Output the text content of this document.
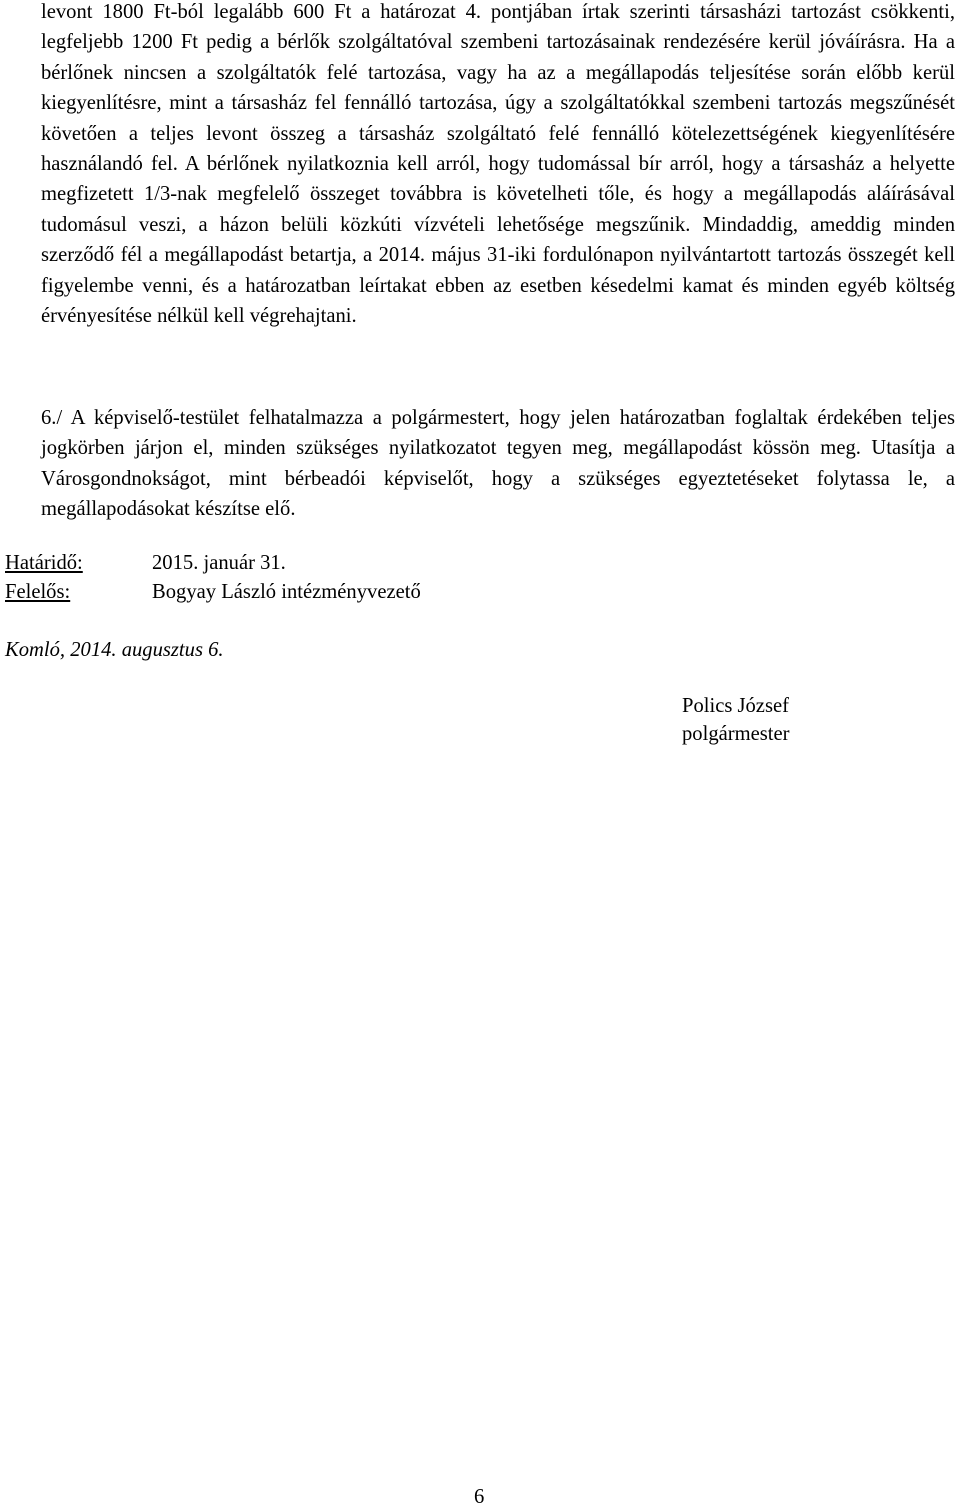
levont 1800 Ft-ból legalább 600 Ft a határozat 4. pontjában írtak szerinti társasházi tartozást csökkenti, legfeljebb 1200 Ft pedig a bérlők szolgáltatóval szembeni tartozásainak rendezésére kerül jóváírásra. Ha a bérlőnek nincsen a szolgáltatók felé tartozása, vagy ha az a megállapodás teljesítése során előbb kerül kiegyenlítésre, mint a társasház fel fennálló tartozása, úgy a szolgáltatókkal szembeni tartozás megszűnését követően a teljes levont összeg a társasház szolgáltató felé fennálló kötelezettségének kiegyenlítésére használandó fel. A bérlőnek nyilatkoznia kell arról, hogy tudomással bír arról, hogy a társasház a helyette megfizetett 1/3-nak megfelelő összeget továbbra is követelheti tőle, és hogy a megállapodás aláírásával tudomásul veszi, a házon belüli közkúti vízvételi lehetősége megszűnik. Mindaddig, ameddig minden szerződő fél a megállapodást betartja, a 2014. május 31-iki fordulónapon nyilvántartott tartozás összegét kell figyelembe venni, és a határozatban leírtakat ebben az esetben késedelmi kamat és minden egyéb költség érvényesítése nélkül kell végrehajtani.

6./ A képviselő-testület felhatalmazza a polgármestert, hogy jelen határozatban foglaltak érdekében teljes jogkörben járjon el, minden szükséges nyilatkozatot tegyen meg, megállapodást kössön meg. Utasítja a Városgondnokságot, mint bérbeadói képviselőt, hogy a szükséges egyeztetéseket folytassa le, a megállapodásokat készítse elő.

Határidő:	2015. január 31.
Felelős:	Bogyay László intézményvezető
Komló, 2014. augusztus 6.
Polics József
polgármester
6
